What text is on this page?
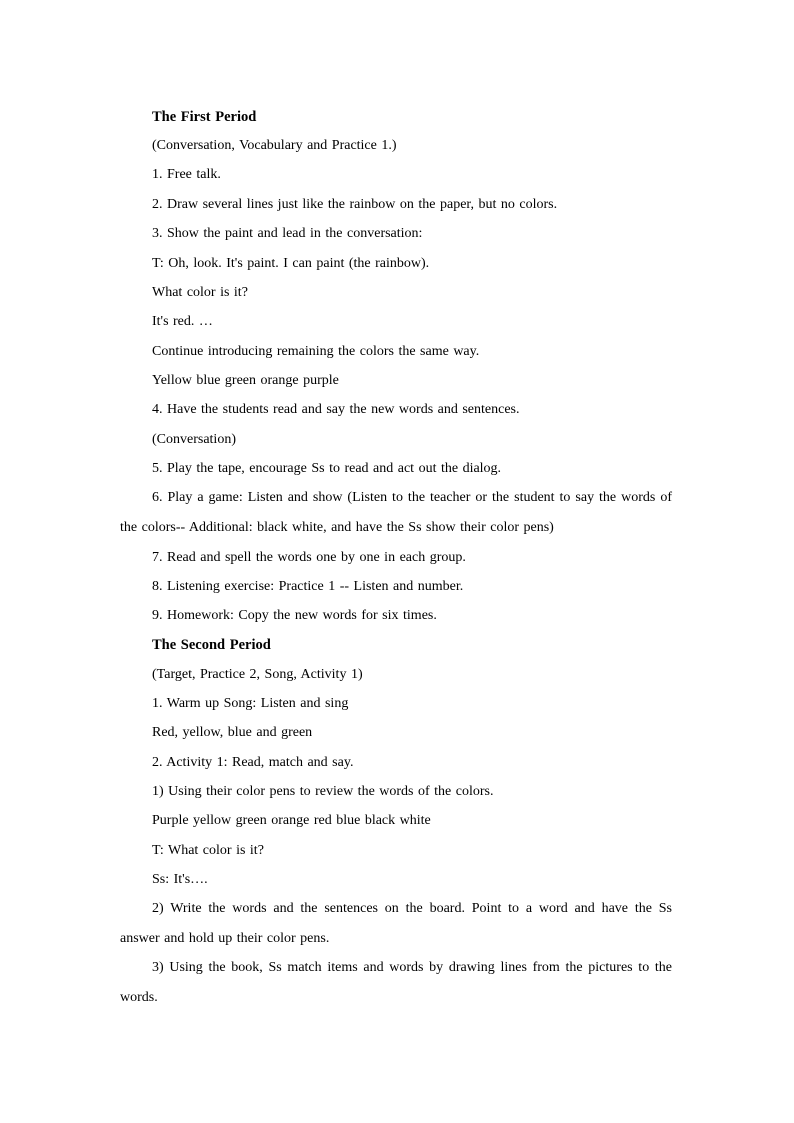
The First Period
(Conversation, Vocabulary and Practice 1.)
1. Free talk.
2. Draw several lines just like the rainbow on the paper, but no colors.
3. Show the paint and lead in the conversation:
T: Oh, look. It's paint. I can paint (the rainbow).
What color is it?
It's red. …
Continue introducing remaining the colors the same way.
Yellow blue green orange purple
4. Have the students read and say the new words and sentences.
(Conversation)
5. Play the tape, encourage Ss to read and act out the dialog.
6. Play a game: Listen and show (Listen to the teacher or the student to say the words of the colors-- Additional: black white, and have the Ss show their color pens)
7. Read and spell the words one by one in each group.
8. Listening exercise: Practice 1 -- Listen and number.
9. Homework: Copy the new words for six times.
The Second Period
(Target, Practice 2, Song, Activity 1)
1. Warm up Song: Listen and sing
Red, yellow, blue and green
2. Activity 1: Read, match and say.
1) Using their color pens to review the words of the colors.
Purple yellow green orange red blue black white
T: What color is it?
Ss: It's….
2) Write the words and the sentences on the board. Point to a word and have the Ss answer and hold up their color pens.
3) Using the book, Ss match items and words by drawing lines from the pictures to the words.
